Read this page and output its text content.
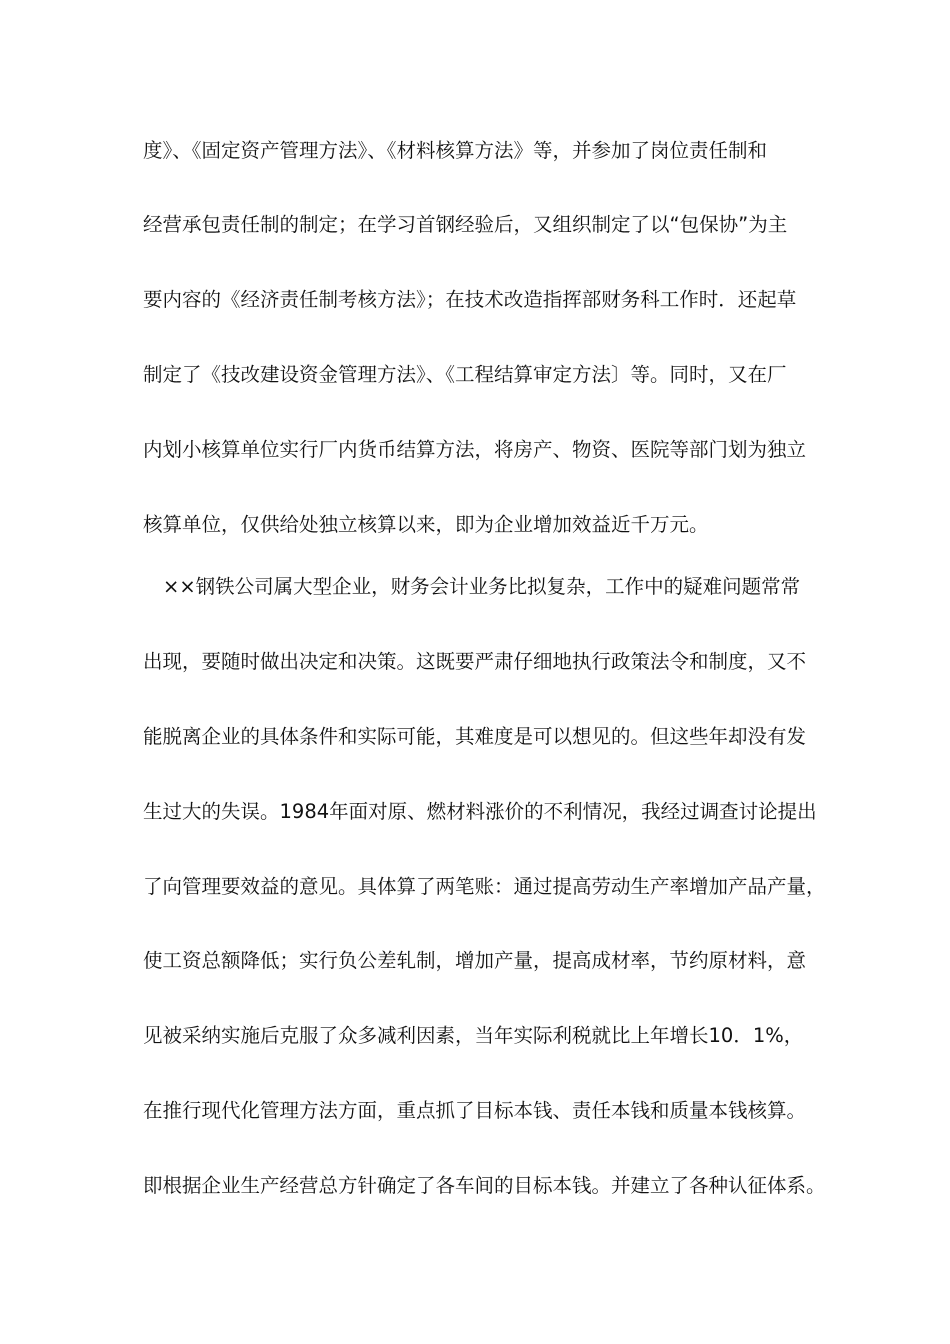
度》、《固定资产管理方法》、《材料核算方法》等，并参加了岗位责任制和
经营承包责任制的制定；在学习首钢经验后，又组织制定了以“包保协”为主
要内容的《经济责任制考核方法》；在技术改造指挥部财务科工作时．还起草
制定了《技改建设资金管理方法》、《工程结算审定方法〕等。同时，又在厂
内划小核算单位实行厂内货币结算方法，将房产、物资、医院等部门划为独立
核算单位，仅供给处独立核算以来，即为企业增加效益近千万元。
××钢铁公司属大型企业，财务会计业务比拟复杂，工作中的疑难问题常常
出现，要随时做出决定和决策。这既要严肃仔细地执行政策法令和制度，又不
能脱离企业的具体条件和实际可能，其难度是可以想见的。但这些年却没有发
生过大的失误。1984年面对原、燃材料涨价的不利情况，我经过调查讨论提出
了向管理要效益的意见。具体算了两笔账：通过提高劳动生产率增加产品产量，
使工资总额降低；实行负公差轧制，增加产量，提高成材率，节约原材料，意
见被采纳实施后克服了众多减利因素，当年实际利税就比上年增长10．1%，
在推行现代化管理方法方面，重点抓了目标本钱、责任本钱和质量本钱核算。
即根据企业生产经营总方针确定了各车间的目标本钱。并建立了各种认征体系。
